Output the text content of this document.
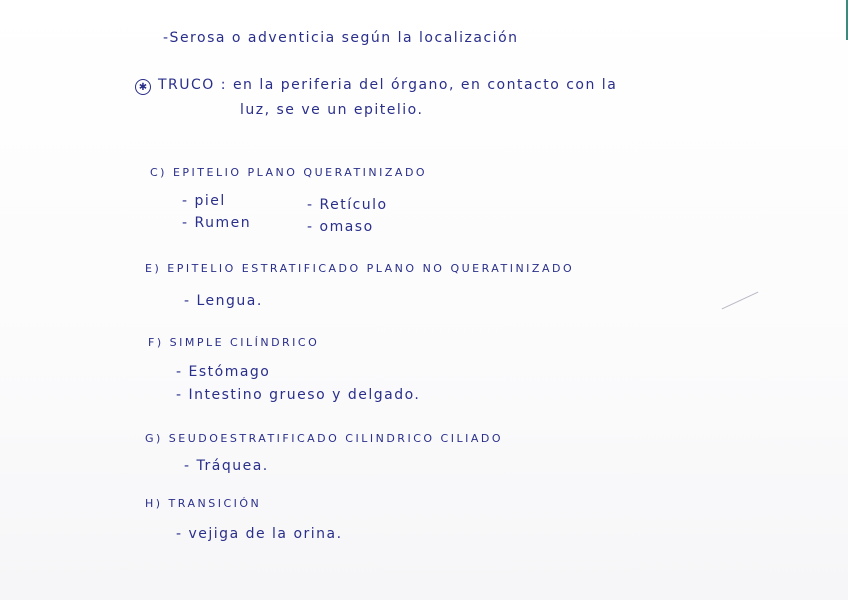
-Serosa o adventicia según la localización
✱ TRUCO : en la periferia del órgano, en contacto con la
luz, se ve un epitelio.
C) EPITELIO PLANO QUERATINIZADO
- piel
- Rumen
- Retículo
- omaso
E) EPITELIO ESTRATIFICADO PLANO NO QUERATINIZADO
- Lengua.
F) SIMPLE CILÍNDRICO
- Estómago
- Intestino grueso y delgado.
G) SEUDOESTRATIFICADO CILINDRICO CILIADO
- Tráquea.
H) TRANSICIÓN
- vejiga de la orina.
